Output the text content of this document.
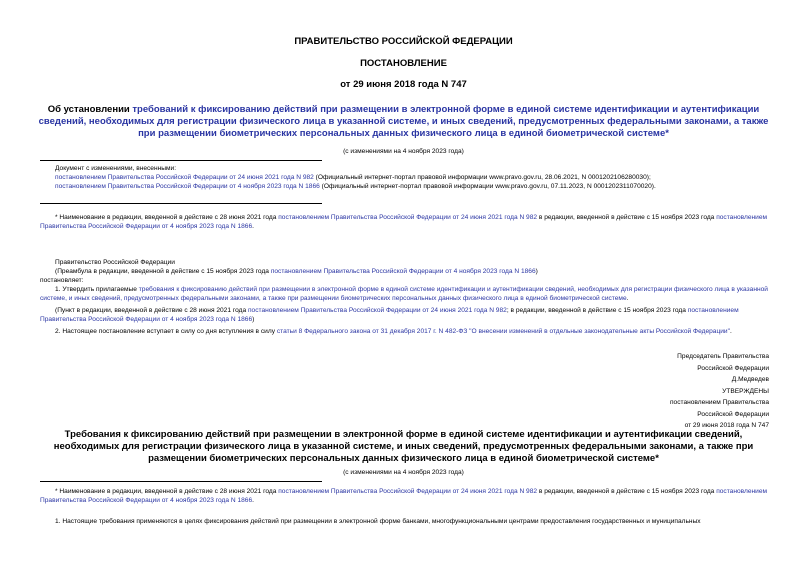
ПРАВИТЕЛЬСТВО РОССИЙСКОЙ ФЕДЕРАЦИИ
ПОСТАНОВЛЕНИЕ
от 29 июня 2018 года N 747
Об установлении требований к фиксированию действий при размещении в электронной форме в единой системе идентификации и аутентификации сведений, необходимых для регистрации физического лица в указанной системе, и иных сведений, предусмотренных федеральными законами, а также при размещении биометрических персональных данных физического лица в единой биометрической системе*
(с изменениями на 4 ноября 2023 года)
Документ с изменениями, внесенными:
постановлением Правительства Российской Федерации от 24 июня 2021 года N 982 (Официальный интернет-портал правовой информации www.pravo.gov.ru, 28.06.2021, N 0001202106280030);
постановлением Правительства Российской Федерации от 4 ноября 2023 года N 1866 (Официальный интернет-портал правовой информации www.pravo.gov.ru, 07.11.2023, N 0001202311070020).
* Наименование в редакции, введенной в действие с 28 июня 2021 года постановлением Правительства Российской Федерации от 24 июня 2021 года N 982 в редакции, введенной в действие с 15 ноября 2023 года постановлением Правительства Российской Федерации от 4 ноября 2023 года N 1866.
Правительство Российской Федерации
(Преамбула в редакции, введенной в действие с 15 ноября 2023 года постановлением Правительства Российской Федерации от 4 ноября 2023 года N 1866)
постановляет:
1. Утвердить прилагаемые требования к фиксированию действий при размещении в электронной форме в единой системе идентификации и аутентификации сведений, необходимых для регистрации физического лица в указанной системе, и иных сведений, предусмотренных федеральными законами, а также при размещении биометрических персональных данных физического лица в единой биометрической системе.
(Пункт в редакции, введенной в действие с 28 июня 2021 года постановлением Правительства Российской Федерации от 24 июня 2021 года N 982; в редакции, введенной в действие с 15 ноября 2023 года постановлением Правительства Российской Федерации от 4 ноября 2023 года N 1866)
2. Настоящее постановление вступает в силу со дня вступления в силу статьи 8 Федерального закона от 31 декабря 2017 г. N 482-ФЗ "О внесении изменений в отдельные законодательные акты Российской Федерации".
Председатель Правительства
Российской Федерации
Д.Медведев
УТВЕРЖДЕНЫ
постановлением Правительства
Российской Федерации
от 29 июня 2018 года N 747
Требования к фиксированию действий при размещении в электронной форме в единой системе идентификации и аутентификации сведений, необходимых для регистрации физического лица в указанной системе, и иных сведений, предусмотренных федеральными законами, а также при размещении биометрических персональных данных физического лица в единой биометрической системе*
(с изменениями на 4 ноября 2023 года)
* Наименование в редакции, введенной в действие с 28 июня 2021 года постановлением Правительства Российской Федерации от 24 июня 2021 года N 982 в редакции, введенной в действие с 15 ноября 2023 года постановлением Правительства Российской Федерации от 4 ноября 2023 года N 1866.
1. Настоящие требования применяются в целях фиксирования действий при размещении в электронной форме банками, многофункциональными центрами предоставления государственных и муниципальных
